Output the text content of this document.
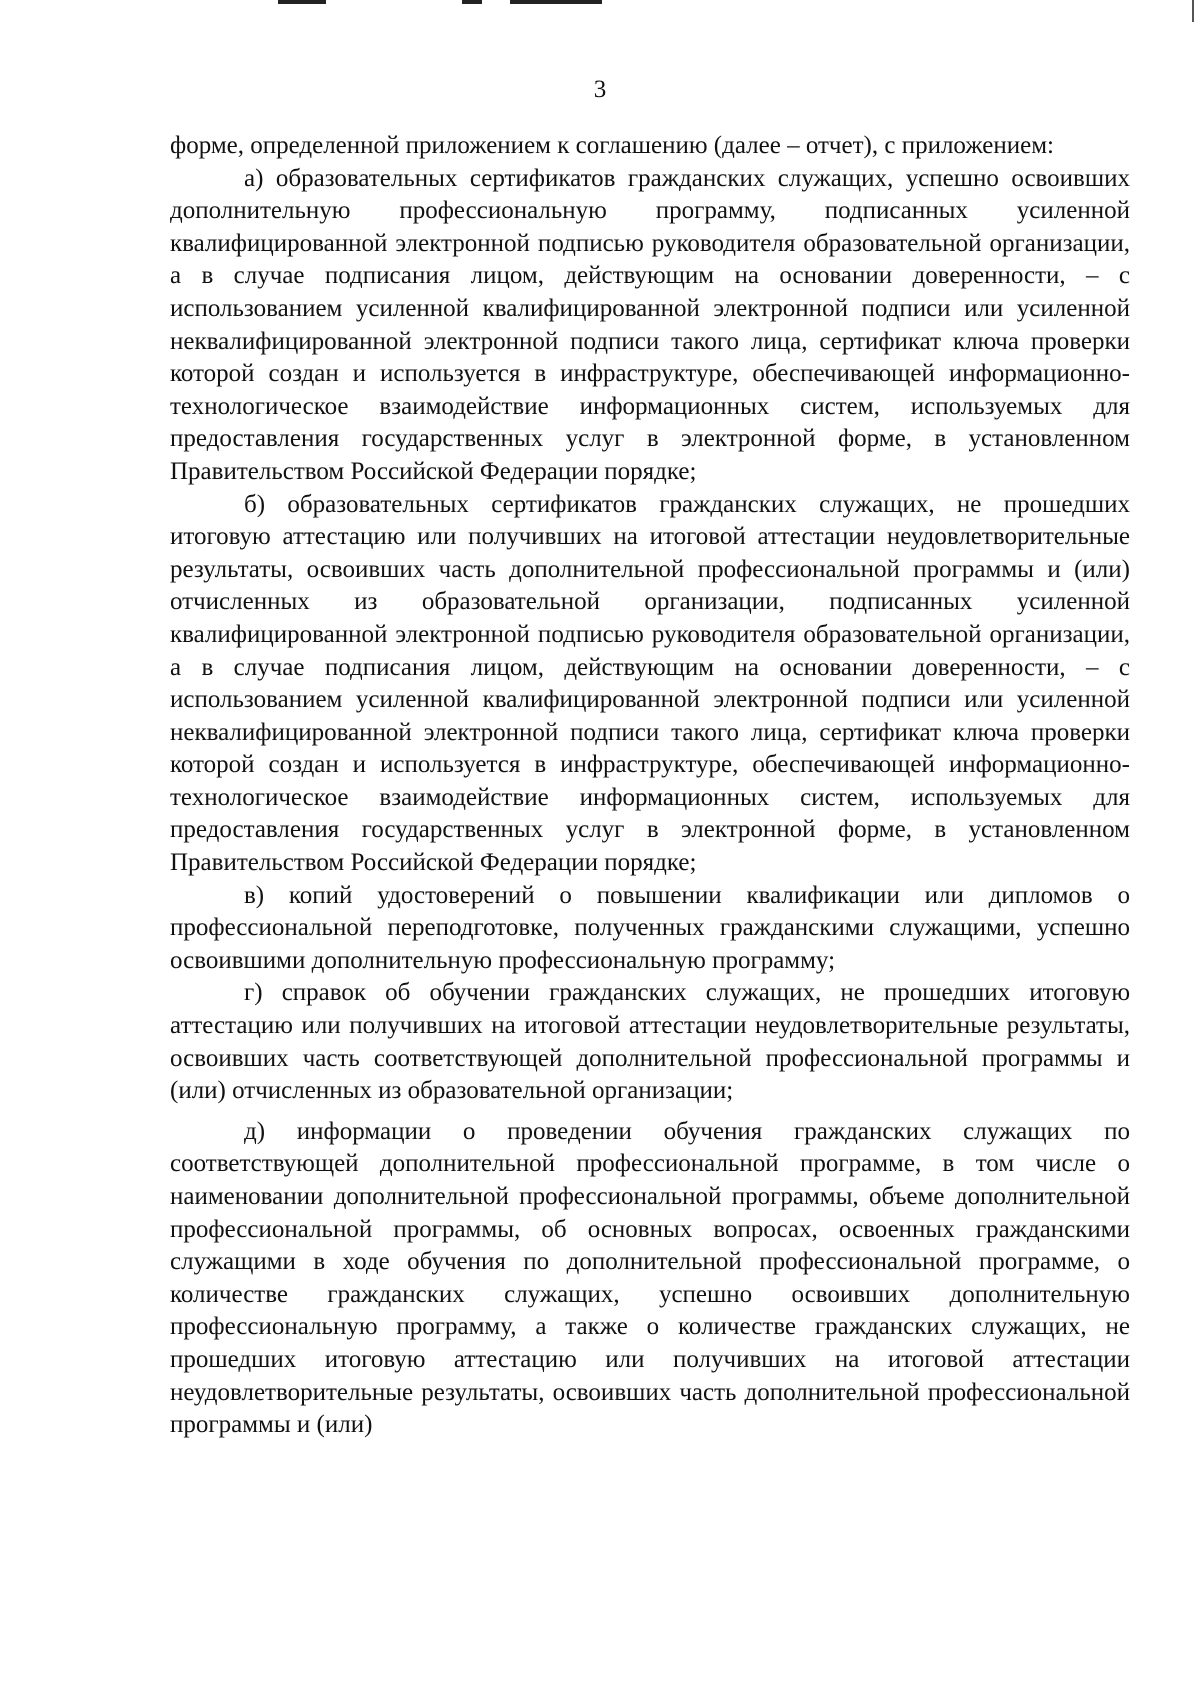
3

форме, определенной приложением к соглашению (далее – отчет), с приложением:

а) образовательных сертификатов гражданских служащих, успешно освоивших дополнительную профессиональную программу, подписанных усиленной квалифицированной электронной подписью руководителя образовательной организации, а в случае подписания лицом, действующим на основании доверенности, – с использованием усиленной квалифицированной электронной подписи или усиленной неквалифицированной электронной подписи такого лица, сертификат ключа проверки которой создан и используется в инфраструктуре, обеспечивающей информационно-технологическое взаимодействие информационных систем, используемых для предоставления государственных услуг в электронной форме, в установленном Правительством Российской Федерации порядке;

б) образовательных сертификатов гражданских служащих, не прошедших итоговую аттестацию или получивших на итоговой аттестации неудовлетворительные результаты, освоивших часть дополнительной профессиональной программы и (или) отчисленных из образовательной организации, подписанных усиленной квалифицированной электронной подписью руководителя образовательной организации, а в случае подписания лицом, действующим на основании доверенности, – с использованием усиленной квалифицированной электронной подписи или усиленной неквалифицированной электронной подписи такого лица, сертификат ключа проверки которой создан и используется в инфраструктуре, обеспечивающей информационно-технологическое взаимодействие информационных систем, используемых для предоставления государственных услуг в электронной форме, в установленном Правительством Российской Федерации порядке;

в) копий удостоверений о повышении квалификации или дипломов о профессиональной переподготовке, полученных гражданскими служащими, успешно освоившими дополнительную профессиональную программу;

г) справок об обучении гражданских служащих, не прошедших итоговую аттестацию или получивших на итоговой аттестации неудовлетворительные результаты, освоивших часть соответствующей дополнительной профессиональной программы и (или) отчисленных из образовательной организации;

д) информации о проведении обучения гражданских служащих по соответствующей дополнительной профессиональной программе, в том числе о наименовании дополнительной профессиональной программы, объеме дополнительной профессиональной программы, об основных вопросах, освоенных гражданскими служащими в ходе обучения по дополнительной профессиональной программе, о количестве гражданских служащих, успешно освоивших дополнительную профессиональную программу, а также о количестве гражданских служащих, не прошедших итоговую аттестацию или получивших на итоговой аттестации неудовлетворительные результаты, освоивших часть дополнительной профессиональной программы и (или)
